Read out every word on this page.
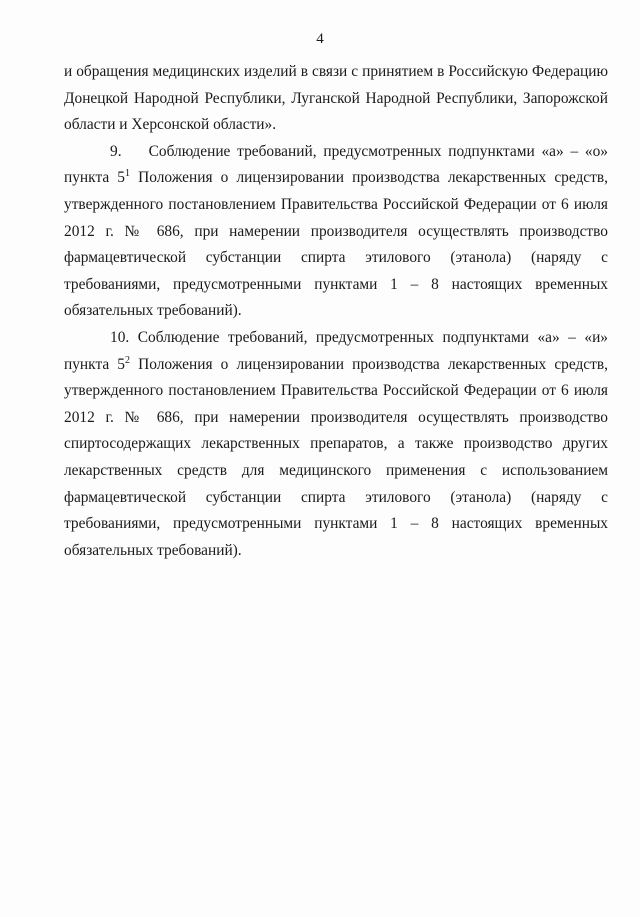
4

и обращения медицинских изделий в связи с принятием в Российскую Федерацию Донецкой Народной Республики, Луганской Народной Республики, Запорожской области и Херсонской области».

9.    Соблюдение требований, предусмотренных подпунктами «а» – «о» пункта $5^1$ Положения о лицензировании производства лекарственных средств, утвержденного постановлением Правительства Российской Федерации от 6 июля 2012 г. № 686, при намерении производителя осуществлять производство фармацевтической субстанции спирта этилового (этанола) (наряду с требованиями, предусмотренными пунктами 1 – 8 настоящих временных обязательных требований).

10. Соблюдение требований, предусмотренных подпунктами «а» – «и» пункта $5^2$ Положения о лицензировании производства лекарственных средств, утвержденного постановлением Правительства Российской Федерации от 6 июля 2012 г. № 686, при намерении производителя осуществлять производство спиртосодержащих лекарственных препаратов, а также производство других лекарственных средств для медицинского применения с использованием фармацевтической субстанции спирта этилового (этанола) (наряду с требованиями, предусмотренными пунктами 1 – 8 настоящих временных обязательных требований).
